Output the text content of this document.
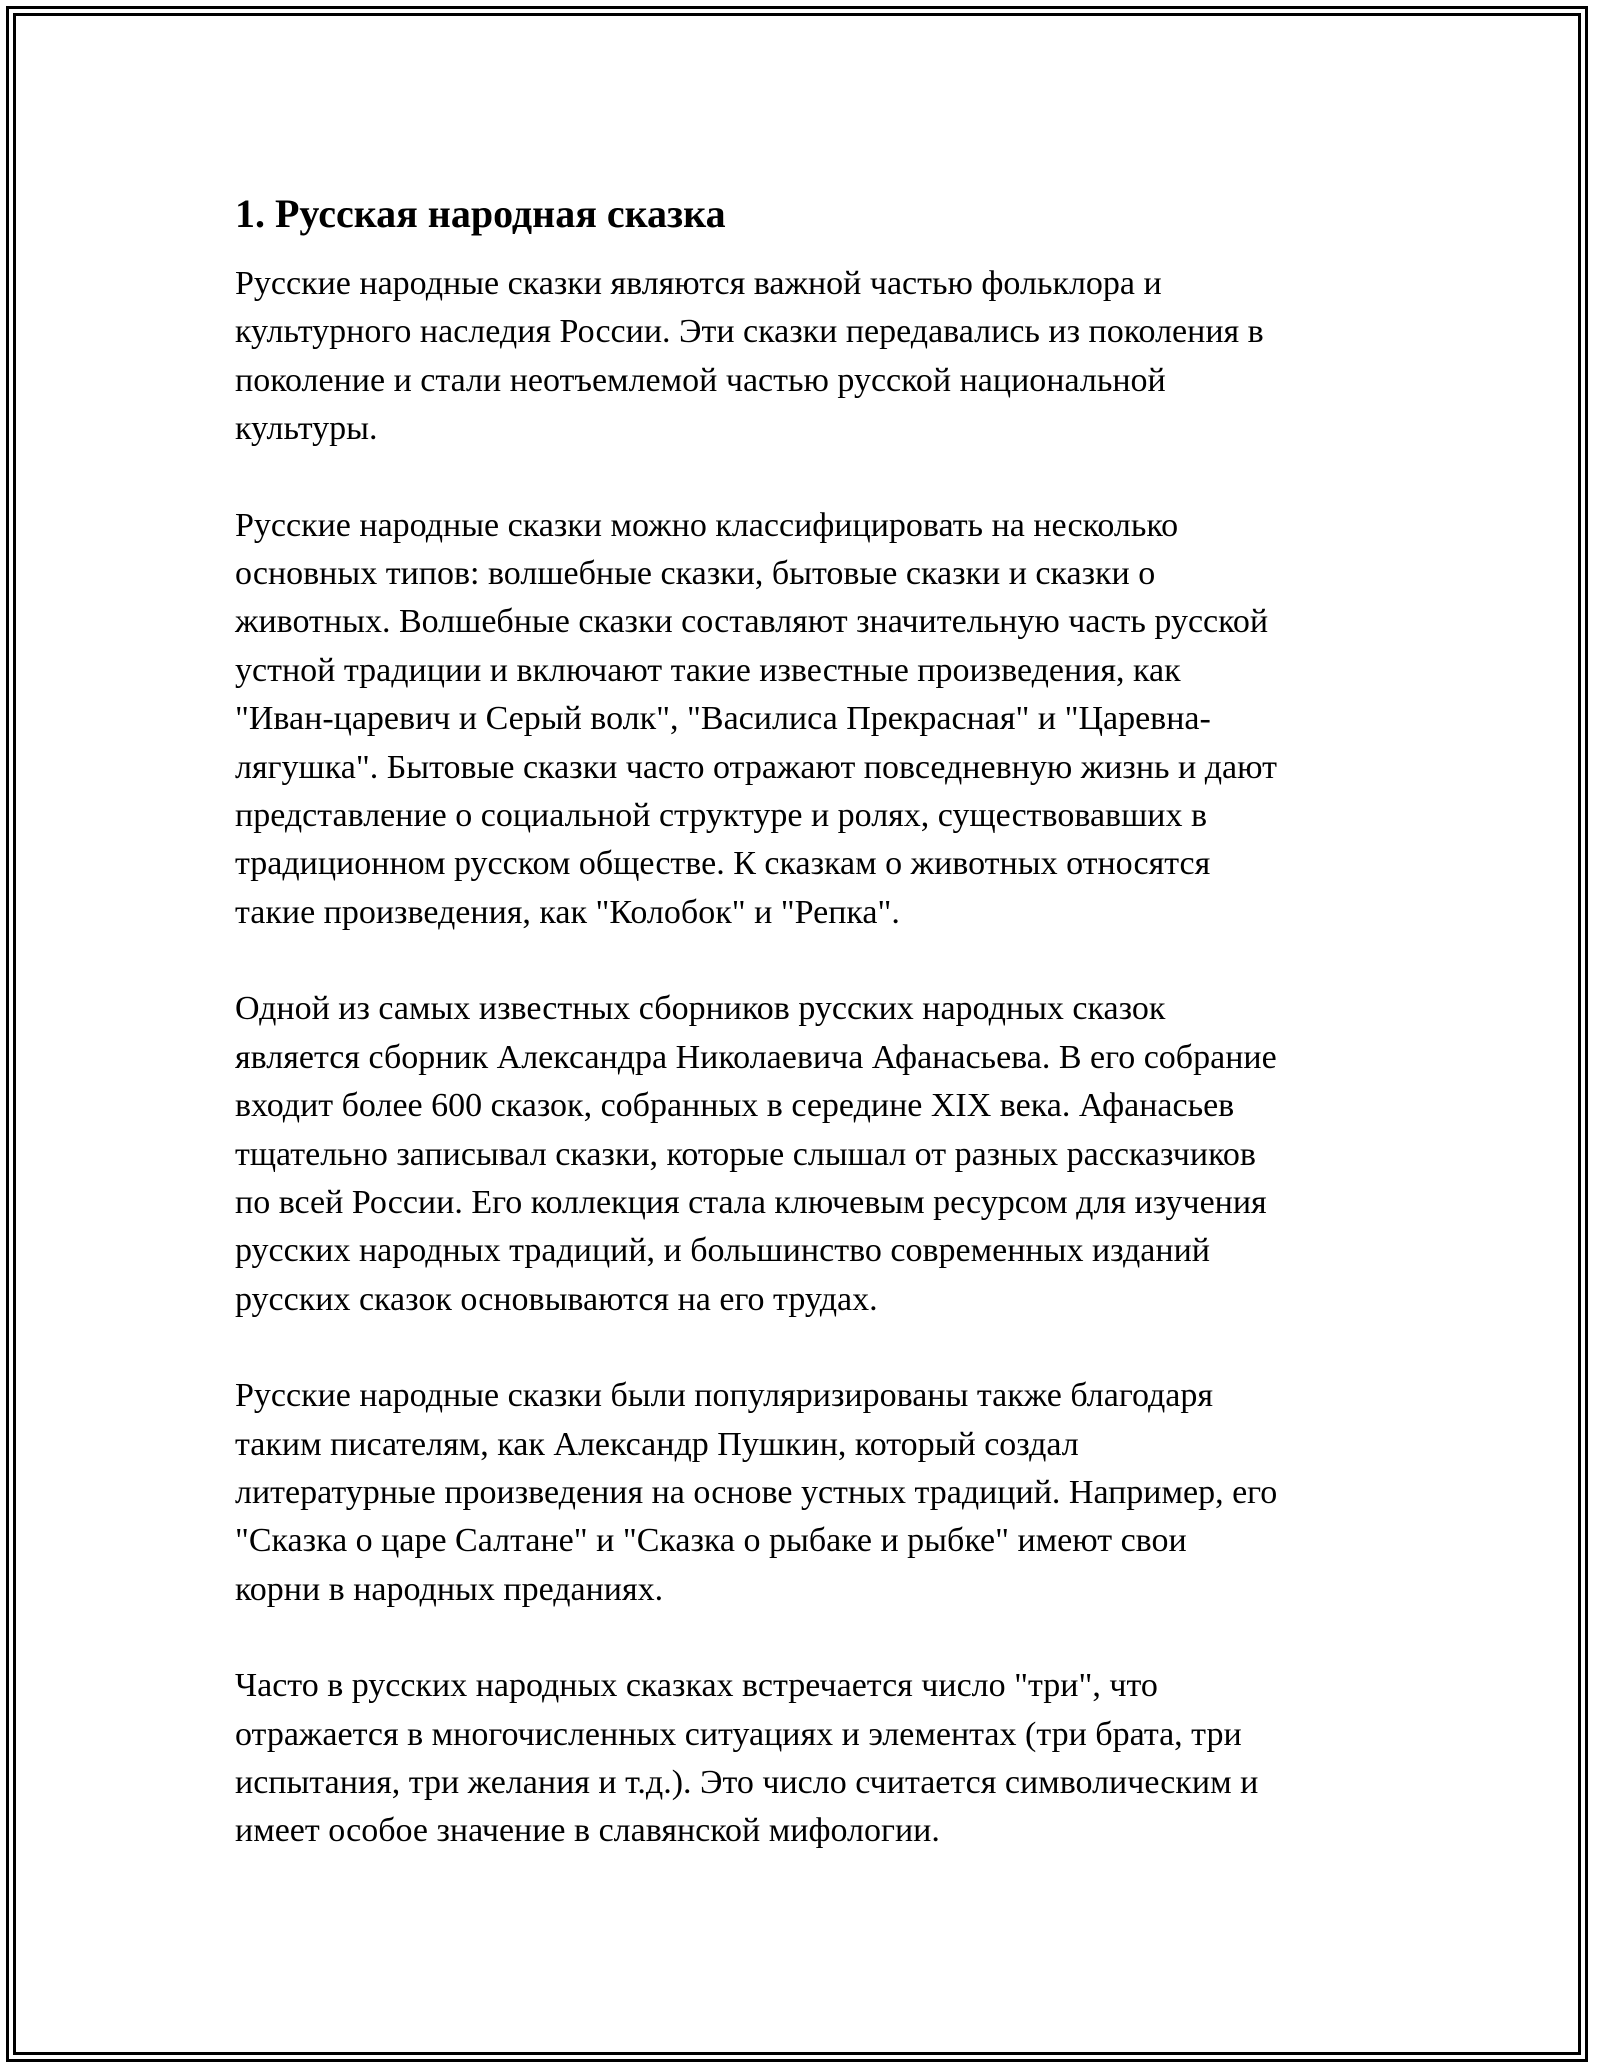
1. Русская народная сказка

Русские народные сказки являются важной частью фольклора и
культурного наследия России. Эти сказки передавались из поколения в
поколение и стали неотъемлемой частью русской национальной
культуры.

Русские народные сказки можно классифицировать на несколько
основных типов: волшебные сказки, бытовые сказки и сказки о
животных. Волшебные сказки составляют значительную часть русской
устной традиции и включают такие известные произведения, как
"Иван-царевич и Серый волк", "Василиса Прекрасная" и "Царевна-
лягушка". Бытовые сказки часто отражают повседневную жизнь и дают
представление о социальной структуре и ролях, существовавших в
традиционном русском обществе. К сказкам о животных относятся
такие произведения, как "Колобок" и "Репка".

Одной из самых известных сборников русских народных сказок
является сборник Александра Николаевича Афанасьева. В его собрание
входит более 600 сказок, собранных в середине XIX века. Афанасьев
тщательно записывал сказки, которые слышал от разных рассказчиков
по всей России. Его коллекция стала ключевым ресурсом для изучения
русских народных традиций, и большинство современных изданий
русских сказок основываются на его трудах.

Русские народные сказки были популяризированы также благодаря
таким писателям, как Александр Пушкин, который создал
литературные произведения на основе устных традиций. Например, его
"Сказка о царе Салтане" и "Сказка о рыбаке и рыбке" имеют свои
корни в народных преданиях.

Часто в русских народных сказках встречается число "три", что
отражается в многочисленных ситуациях и элементах (три брата, три
испытания, три желания и т.д.). Это число считается символическим и
имеет особое значение в славянской мифологии.
